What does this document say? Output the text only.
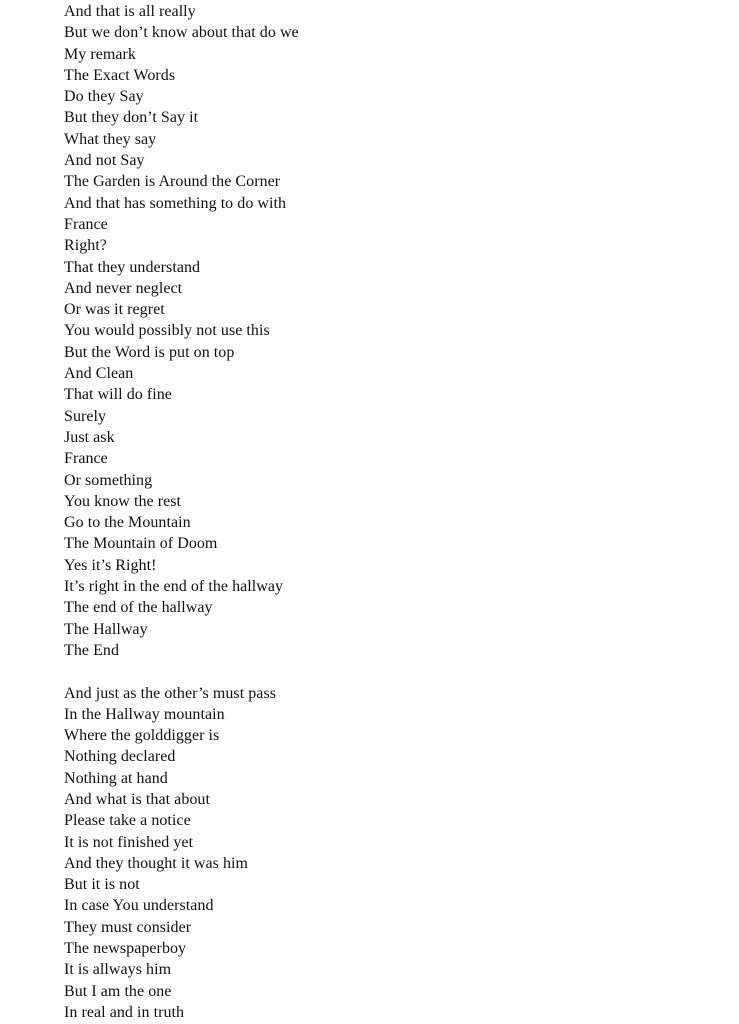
And that is all really
But we don’t know about that do we
My remark
The Exact Words
Do they Say
But they don’t Say it
What they say
And not Say
The Garden is Around the Corner
And that has something to do with
France
Right?
That they understand
And never neglect
Or was it regret
You would possibly not use this
But the Word is put on top
And Clean
That will do fine
Surely
Just ask
France
Or something
You know the rest
Go to the Mountain
The Mountain of Doom
Yes it’s Right!
It’s right in the end of the hallway
The end of the hallway
The Hallway
The End
And just as the other’s must pass
In the Hallway mountain
Where the golddigger is
Nothing declared
Nothing at hand
And what is that about
Please take a notice
It is not finished yet
And they thought it was him
But it is not
In case You understand
They must consider
The newspaperboy
It is allways him
But I am the one
In real and in truth
